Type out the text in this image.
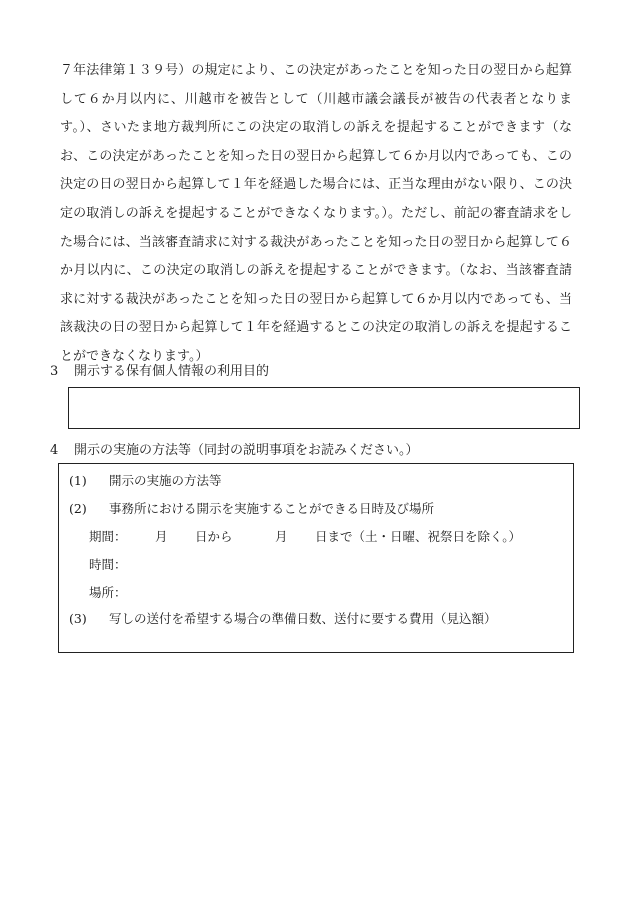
７年法律第１３９号）の規定により、この決定があったことを知った日の翌日から起算して６か月以内に、川越市を被告として（川越市議会議長が被告の代表者となります。）、さいたま地方裁判所にこの決定の取消しの訴えを提起することができます（なお、この決定があったことを知った日の翌日から起算して６か月以内であっても、この決定の日の翌日から起算して１年を経過した場合には、正当な理由がない限り、この決定の取消しの訴えを提起することができなくなります。）。ただし、前記の審査請求をした場合には、当該審査請求に対する裁決があったことを知った日の翌日から起算して６か月以内に、この決定の取消しの訴えを提起することができます。（なお、当該審査請求に対する裁決があったことを知った日の翌日から起算して６か月以内であっても、当該裁決の日の翌日から起算して１年を経過するとこの決定の取消しの訴えを提起することができなくなります。）

3 開示する保有個人情報の利用目的
4 開示の実施の方法等（同封の説明事項をお読みください。）
(1) 開示の実施の方法等
(2) 事務所における開示を実施することができる日時及び場所
期間： 月 日から	月 日まで（土・日曜、祝祭日を除く。）
時間：
場所：
(3) 写しの送付を希望する場合の準備日数、送付に要する費用（見込額）
